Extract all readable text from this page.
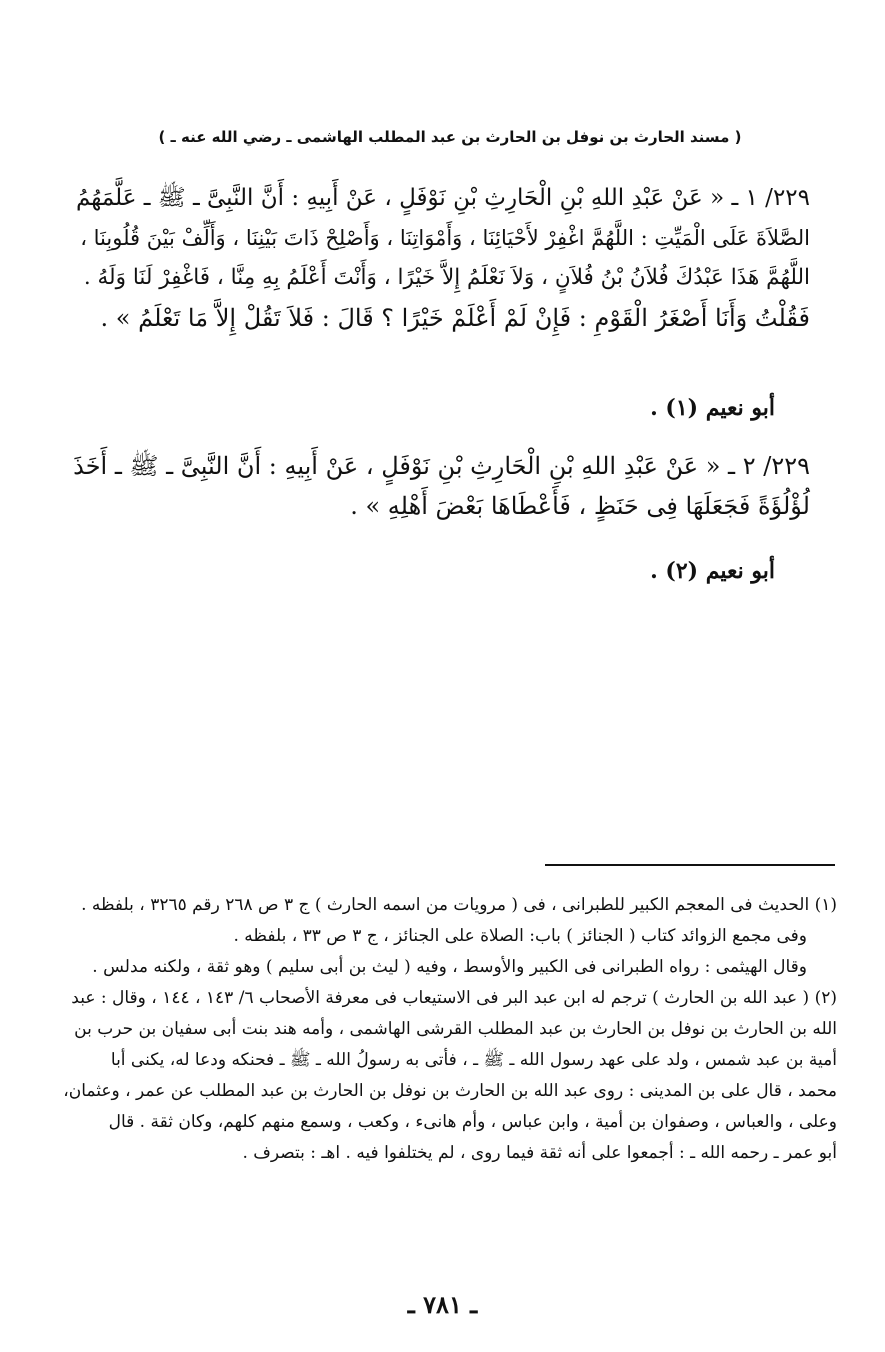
( مسند الحارث بن نوفل بن الحارث بن عبد المطلب الهاشمى ـ رضي الله عنه ـ )

٢٢٩/ ١ ـ « عَنْ عَبْدِ اللهِ بْنِ الْحَارِثِ بْنِ نَوْفَلٍ ، عَنْ أَبِيهِ : أَنَّ النَّبِىَّ ـ ﷺ ـ عَلَّمَهُمُ

الصَّلاَةَ عَلَى الْمَيِّتِ : اللَّهُمَّ اغْفِرْ لأَحْيَائِنَا ، وَأَمْوَاتِنَا ، وَأَصْلِحْ ذَاتَ بَيْنِنَا ، وَأَلِّفْ بَيْنَ قُلُوبِنَا ،

اللَّهُمَّ هَذَا عَبْدُكَ فُلاَنُ بْنُ فُلاَنٍ ، وَلاَ نَعْلَمُ إِلاَّ خَيْرًا ، وَأَنْتَ أَعْلَمُ بِهِ مِنَّا ، فَاغْفِرْ لَنَا وَلَهُ .

فَقُلْتُ وَأَنَا أَصْغَرُ الْقَوْمِ : فَإِنْ لَمْ أَعْلَمْ خَيْرًا ؟ قَالَ : فَلاَ تَقُلْ إِلاَّ مَا تَعْلَمُ » .

أبو نعيم (١) .

٢٢٩/ ٢ ـ « عَنْ عَبْدِ اللهِ بْنِ الْحَارِثِ بْنِ نَوْفَلٍ ، عَنْ أَبِيهِ : أَنَّ النَّبِىَّ ـ ﷺ ـ أَخَذَ

لُؤْلُؤَةً فَجَعَلَهَا فِى حَنَظٍ ، فَأَعْطَاهَا بَعْضَ أَهْلِهِ » .

أبو نعيم (٢) .

(١) الحديث فى المعجم الكبير للطبرانى ، فى ( مرويات من اسمه الحارث ) ج ٣ ص ٢٦٨ رقم ٣٢٦٥ ، بلفظه .

وفى مجمع الزوائد كتاب ( الجنائز ) باب: الصلاة على الجنائز ، ج ٣ ص ٣٣ ، بلفظه .

وقال الهيثمى : رواه الطبرانى فى الكبير والأوسط ، وفيه ( ليث بن أبى سليم ) وهو ثقة ، ولكنه مدلس .

(٢) ( عبد الله بن الحارث ) ترجم له ابن عبد البر فى الاستيعاب فى معرفة الأصحاب ٦/ ١٤٣ ، ١٤٤ ، وقال : عبد

الله بن الحارث بن نوفل بن الحارث بن عبد المطلب القرشى الهاشمى ، وأمه هند بنت أبى سفيان بن حرب بن

أمية بن عبد شمس ، ولد على عهد رسول الله ـ ﷺ ـ ، فأتى به رسولُ الله ـ ﷺ ـ فحنكه ودعا له، يكنى أبا

محمد ، قال على بن المدينى : روى عبد الله بن الحارث بن نوفل بن الحارث بن عبد المطلب عن عمر ، وعثمان،

وعلى ، والعباس ، وصفوان بن أمية ، وابن عباس ، وأم هانىء ، وكعب ، وسمع منهم كلهم، وكان ثقة . قال

أبو عمر ـ رحمه الله ـ : أجمعوا على أنه ثقة فيما روى ، لم يختلفوا فيه . اهـ : بتصرف .

ـ ٧٨١ ـ
